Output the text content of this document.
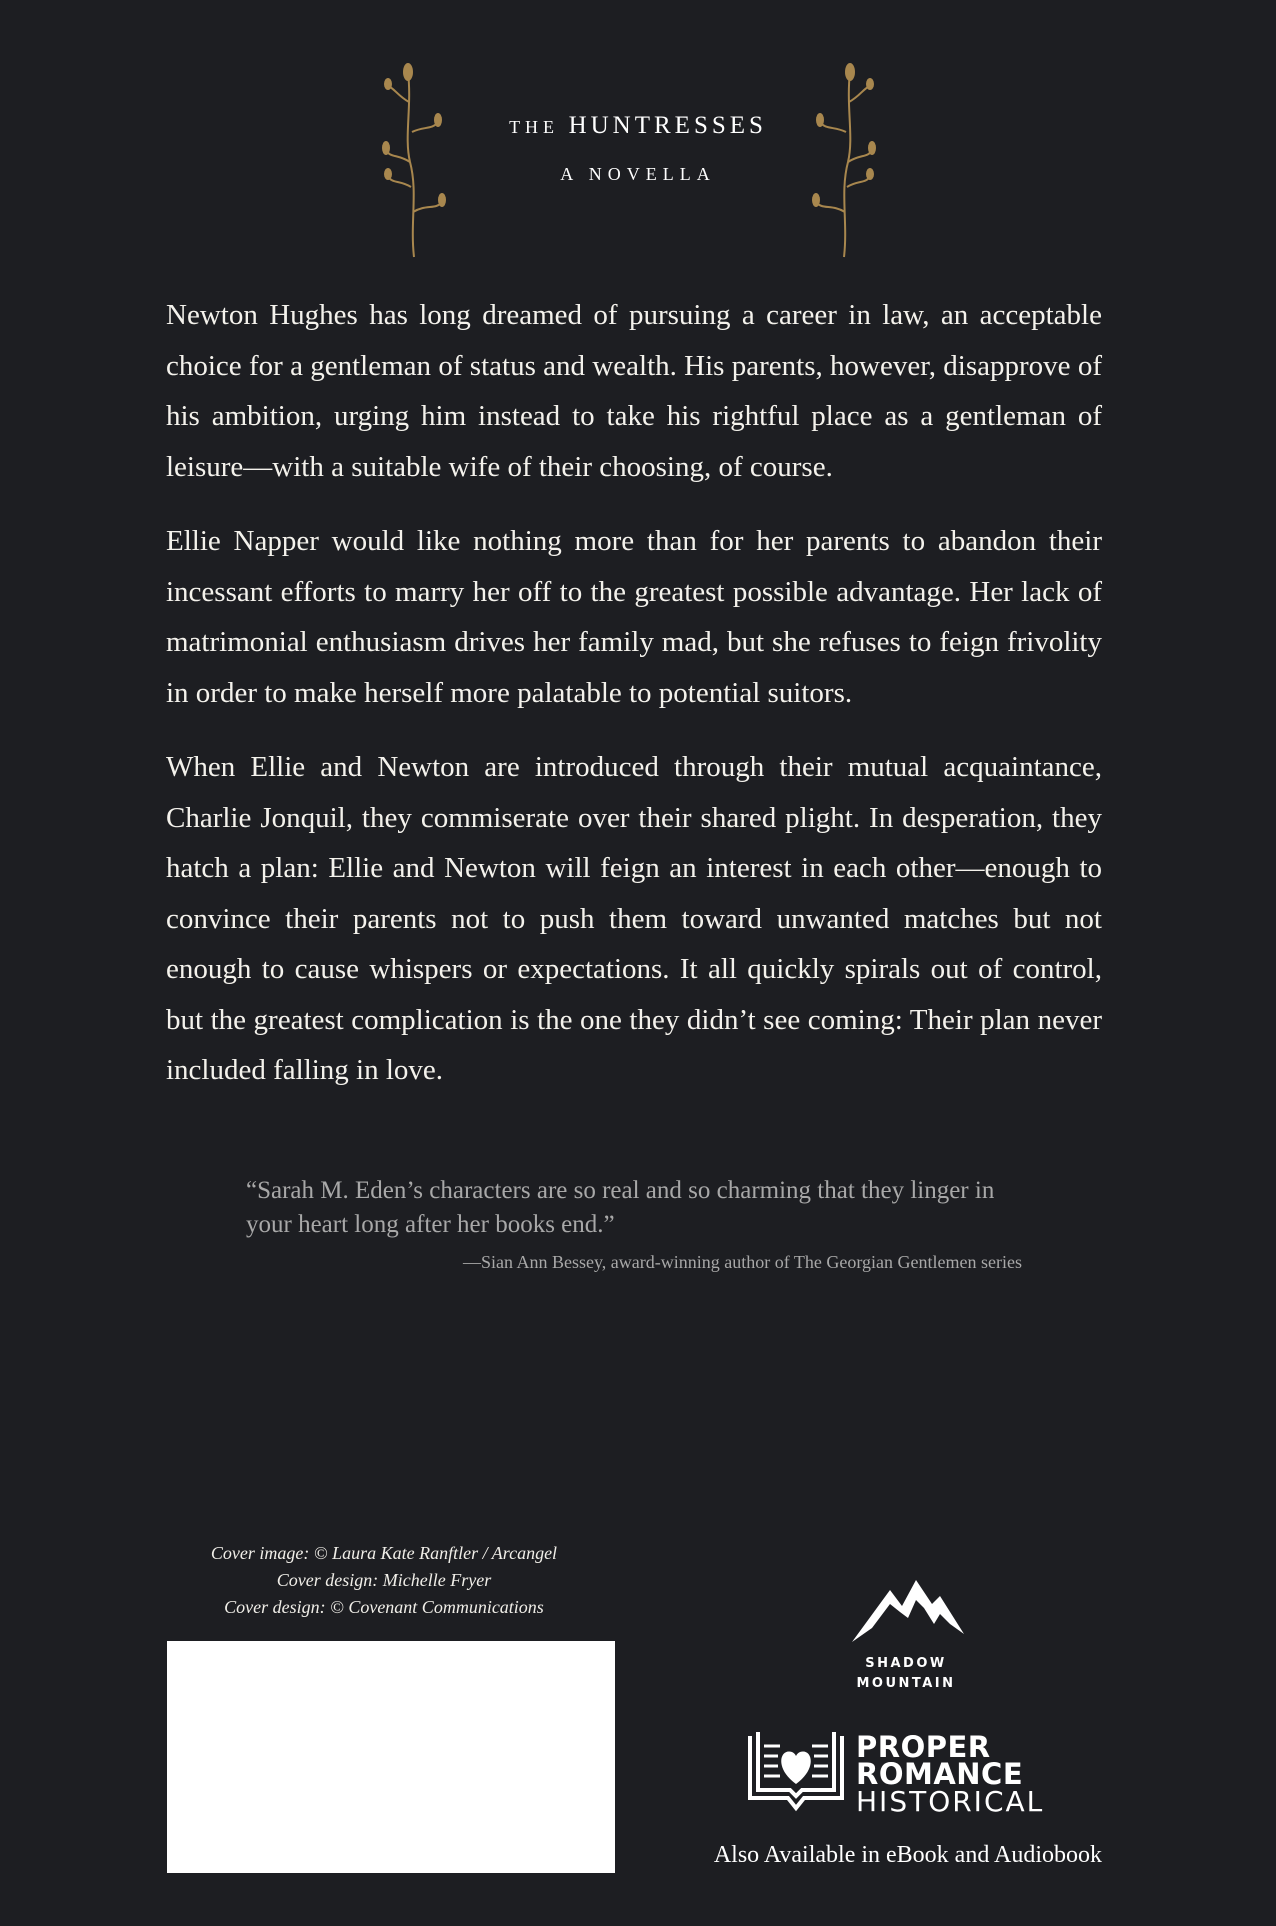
THE HUNTRESSES
A NOVELLA

Newton Hughes has long dreamed of pursuing a career in law, an acceptable choice for a gentleman of status and wealth. His parents, however, disapprove of his ambition, urging him instead to take his rightful place as a gentleman of leisure—with a suitable wife of their choosing, of course.

Ellie Napper would like nothing more than for her parents to abandon their incessant efforts to marry her off to the greatest possible advantage. Her lack of matrimonial enthusiasm drives her family mad, but she refuses to feign frivolity in order to make herself more palatable to potential suitors.

When Ellie and Newton are introduced through their mutual acquaintance, Charlie Jonquil, they commiserate over their shared plight. In desperation, they hatch a plan: Ellie and Newton will feign an interest in each other—enough to convince their parents not to push them toward unwanted matches but not enough to cause whispers or expectations. It all quickly spirals out of control, but the greatest complication is the one they didn’t see coming: Their plan never included falling in love.

“Sarah M. Eden’s characters are so real and so charming that they linger in your heart long after her books end.”
—Sian Ann Bessey, award-winning author of The Georgian Gentlemen series
Cover image: © Laura Kate Ranftler / Arcangel
Cover design: Michelle Fryer
Cover design: © Covenant Communications
SHADOW
MOUNTAIN
PROPER
ROMANCE
HISTORICAL
Also Available in eBook and Audiobook
